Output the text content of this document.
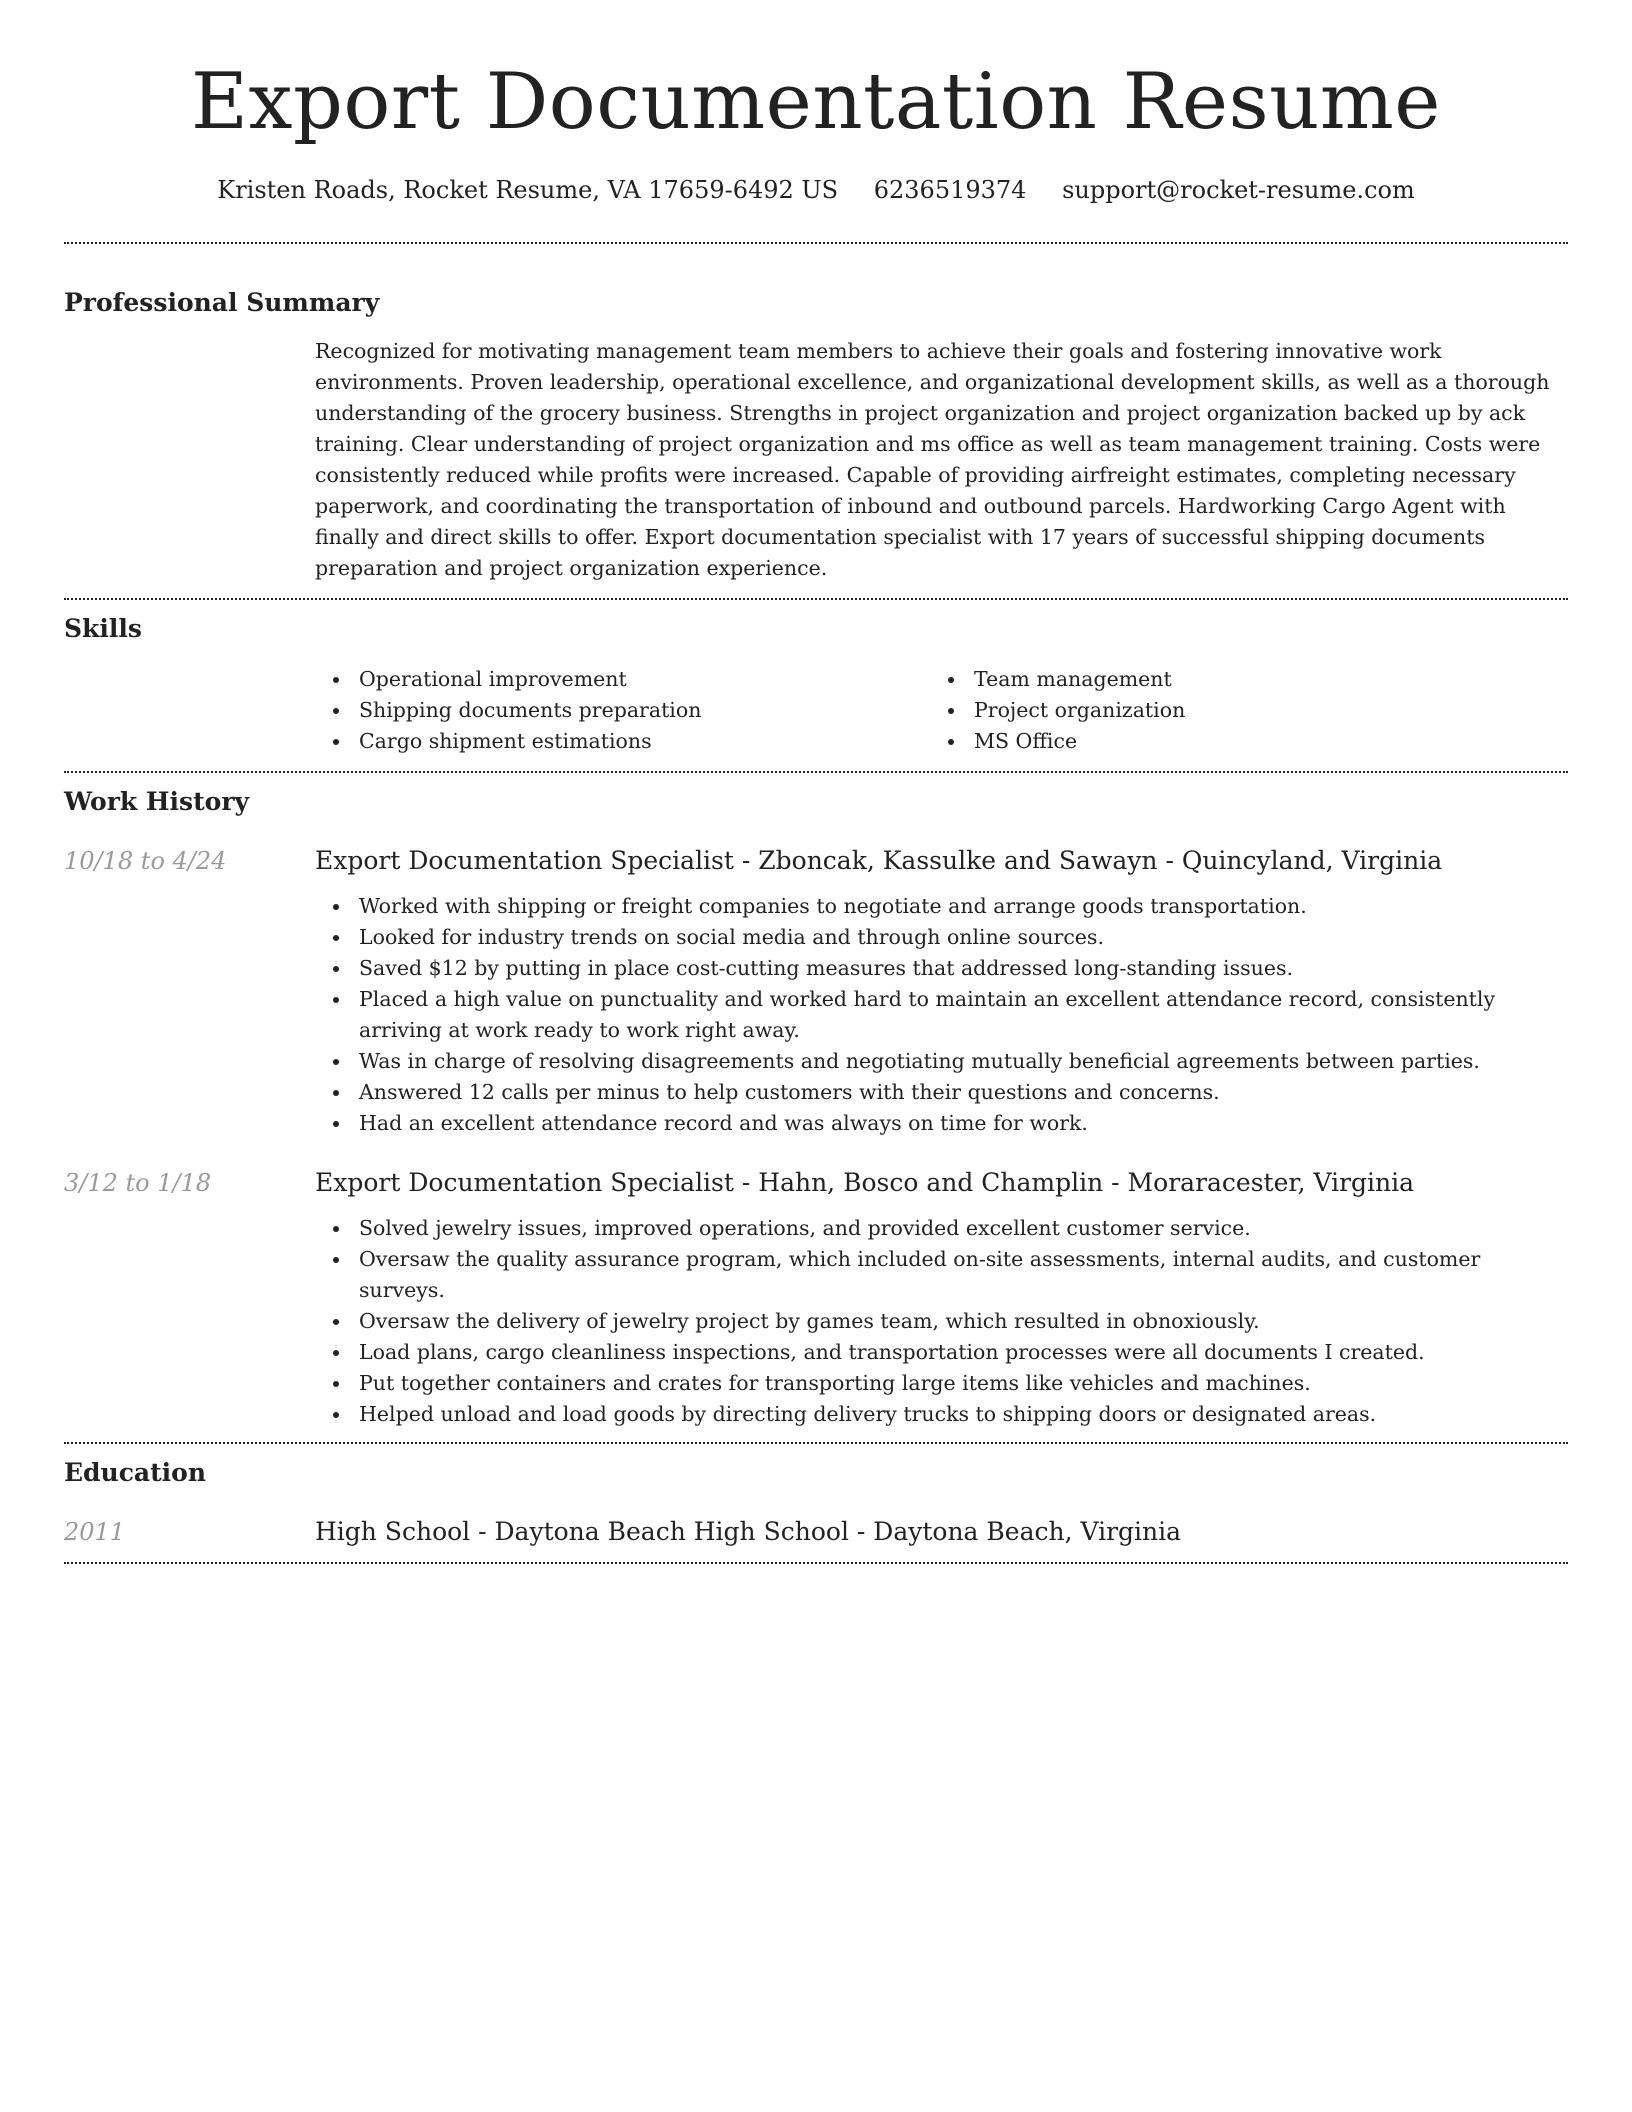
Export Documentation Resume
Kristen Roads, Rocket Resume, VA 17659-6492 US 6236519374 support@rocket-resume.com
Professional Summary

Recognized for motivating management team members to achieve their goals and fostering innovative work environments. Proven leadership, operational excellence, and organizational development skills, as well as a thorough understanding of the grocery business. Strengths in project organization and project organization backed up by ack training. Clear understanding of project organization and ms office as well as team management training. Costs were consistently reduced while profits were increased. Capable of providing airfreight estimates, completing necessary paperwork, and coordinating the transportation of inbound and outbound parcels. Hardworking Cargo Agent with finally and direct skills to offer. Export documentation specialist with 17 years of successful shipping documents preparation and project organization experience.

Skills
Operational improvement
Shipping documents preparation
Cargo shipment estimations
Team management
Project organization
MS Office
Work History
10/18 to 4/24	Export Documentation Specialist - Zboncak, Kassulke and Sawayn - Quincyland, Virginia
Worked with shipping or freight companies to negotiate and arrange goods transportation.
Looked for industry trends on social media and through online sources.
Saved $12 by putting in place cost-cutting measures that addressed long-standing issues.
Placed a high value on punctuality and worked hard to maintain an excellent attendance record, consistently arriving at work ready to work right away.
Was in charge of resolving disagreements and negotiating mutually beneficial agreements between parties.
Answered 12 calls per minus to help customers with their questions and concerns.
Had an excellent attendance record and was always on time for work.
3/12 to 1/18	Export Documentation Specialist - Hahn, Bosco and Champlin - Moraracester, Virginia
Solved jewelry issues, improved operations, and provided excellent customer service.
Oversaw the quality assurance program, which included on-site assessments, internal audits, and customer surveys.
Oversaw the delivery of jewelry project by games team, which resulted in obnoxiously.
Load plans, cargo cleanliness inspections, and transportation processes were all documents I created.
Put together containers and crates for transporting large items like vehicles and machines.
Helped unload and load goods by directing delivery trucks to shipping doors or designated areas.
Education
2011	High School - Daytona Beach High School - Daytona Beach, Virginia
